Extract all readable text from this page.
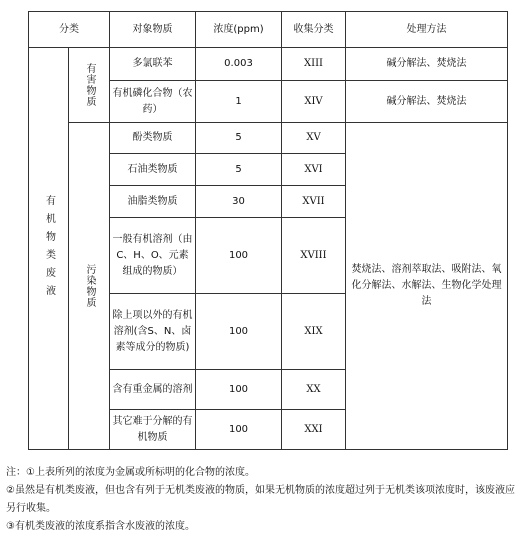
分类		对象物质	浓度(ppm)	收集分类	处理方法

有机物类废液	有害物质	多氯联苯	0.003	XIII	碱分解法、焚烧法
		有机磷化合物（农药）	1	XIV	碱分解法、焚烧法

	污染物质	酚类物质	5	XV	焚烧法、溶剂萃取法、吸附法、氧化分解法、水解法、生物化学处理法
		石油类物质	5	XVI	
		油脂类物质	30	XVII	
		一般有机溶剂（由C、H、O、元素组成的物质）	100	XVIII	
		除上项以外的有机溶剂(含S、N、卤素等成分的物质)	100	XIX	
		含有重金属的溶剂	100	XX	
		其它难于分解的有机物质	100	XXI	

注：①上表所列的浓度为金属或所标明的化合物的浓度。

②虽然是有机类废液，但也含有列于无机类废液的物质，如果无机物质的浓度超过列于无机类该项浓度时，该废液应另行收集。

③有机类废液的浓度系指含水废液的浓度。
